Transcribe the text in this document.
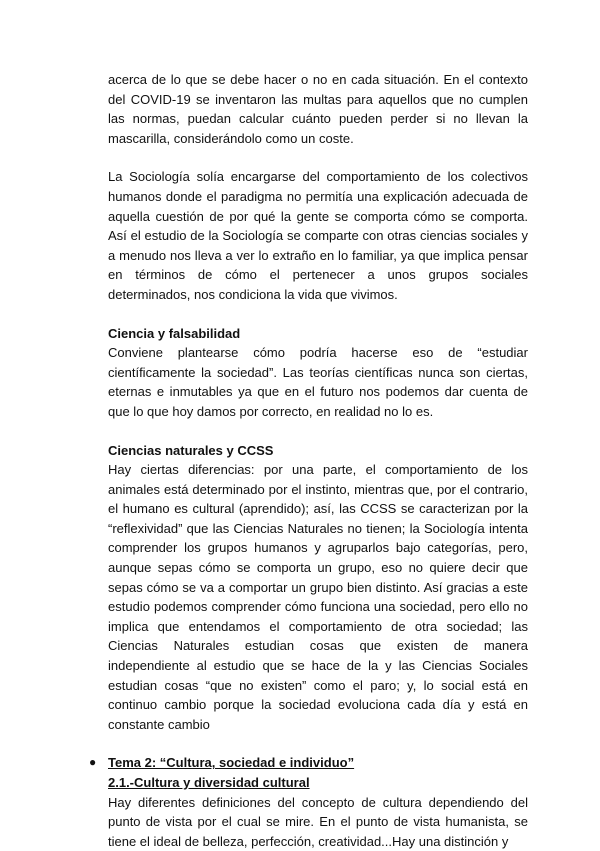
acerca de lo que se debe hacer o no en cada situación. En el contexto del COVID-19 se inventaron las multas para aquellos que no cumplen las normas, puedan calcular cuánto pueden perder si no llevan la mascarilla, considerándolo como un coste.

La Sociología solía encargarse del comportamiento de los colectivos humanos donde el paradigma no permitía una explicación adecuada de aquella cuestión de por qué la gente se comporta cómo se comporta. Así el estudio de la Sociología se comparte con otras ciencias sociales y a menudo nos lleva a ver lo extraño en lo familiar, ya que implica pensar en términos de cómo el pertenecer a unos grupos sociales determinados, nos condiciona la vida que vivimos.

Ciencia y falsabilidad

Conviene plantearse cómo podría hacerse eso de “estudiar científicamente la sociedad”. Las teorías científicas nunca son ciertas, eternas e inmutables ya que en el futuro nos podemos dar cuenta de que lo que hoy damos por correcto, en realidad no lo es.

Ciencias naturales y CCSS

Hay ciertas diferencias: por una parte, el comportamiento de los animales está determinado por el instinto, mientras que, por el contrario, el humano es cultural (aprendido); así, las CCSS se caracterizan por la “reflexividad” que las Ciencias Naturales no tienen; la Sociología intenta comprender los grupos humanos y agruparlos bajo categorías, pero, aunque sepas cómo se comporta un grupo, eso no quiere decir que sepas cómo se va a comportar un grupo bien distinto. Así gracias a este estudio podemos comprender cómo funciona una sociedad, pero ello no implica que entendamos el comportamiento de otra sociedad; las Ciencias Naturales estudian cosas que existen de manera independiente al estudio que se hace de la y las Ciencias Sociales estudian cosas “que no existen” como el paro; y, lo social está en continuo cambio porque la sociedad evoluciona cada día y está en constante cambio

● Tema 2: “Cultura, sociedad e individuo”
2.1.-Cultura y diversidad cultural

Hay diferentes definiciones del concepto de cultura dependiendo del punto de vista por el cual se mire. En el punto de vista humanista, se tiene el ideal de belleza, perfección, creatividad...Hay una distinción y
